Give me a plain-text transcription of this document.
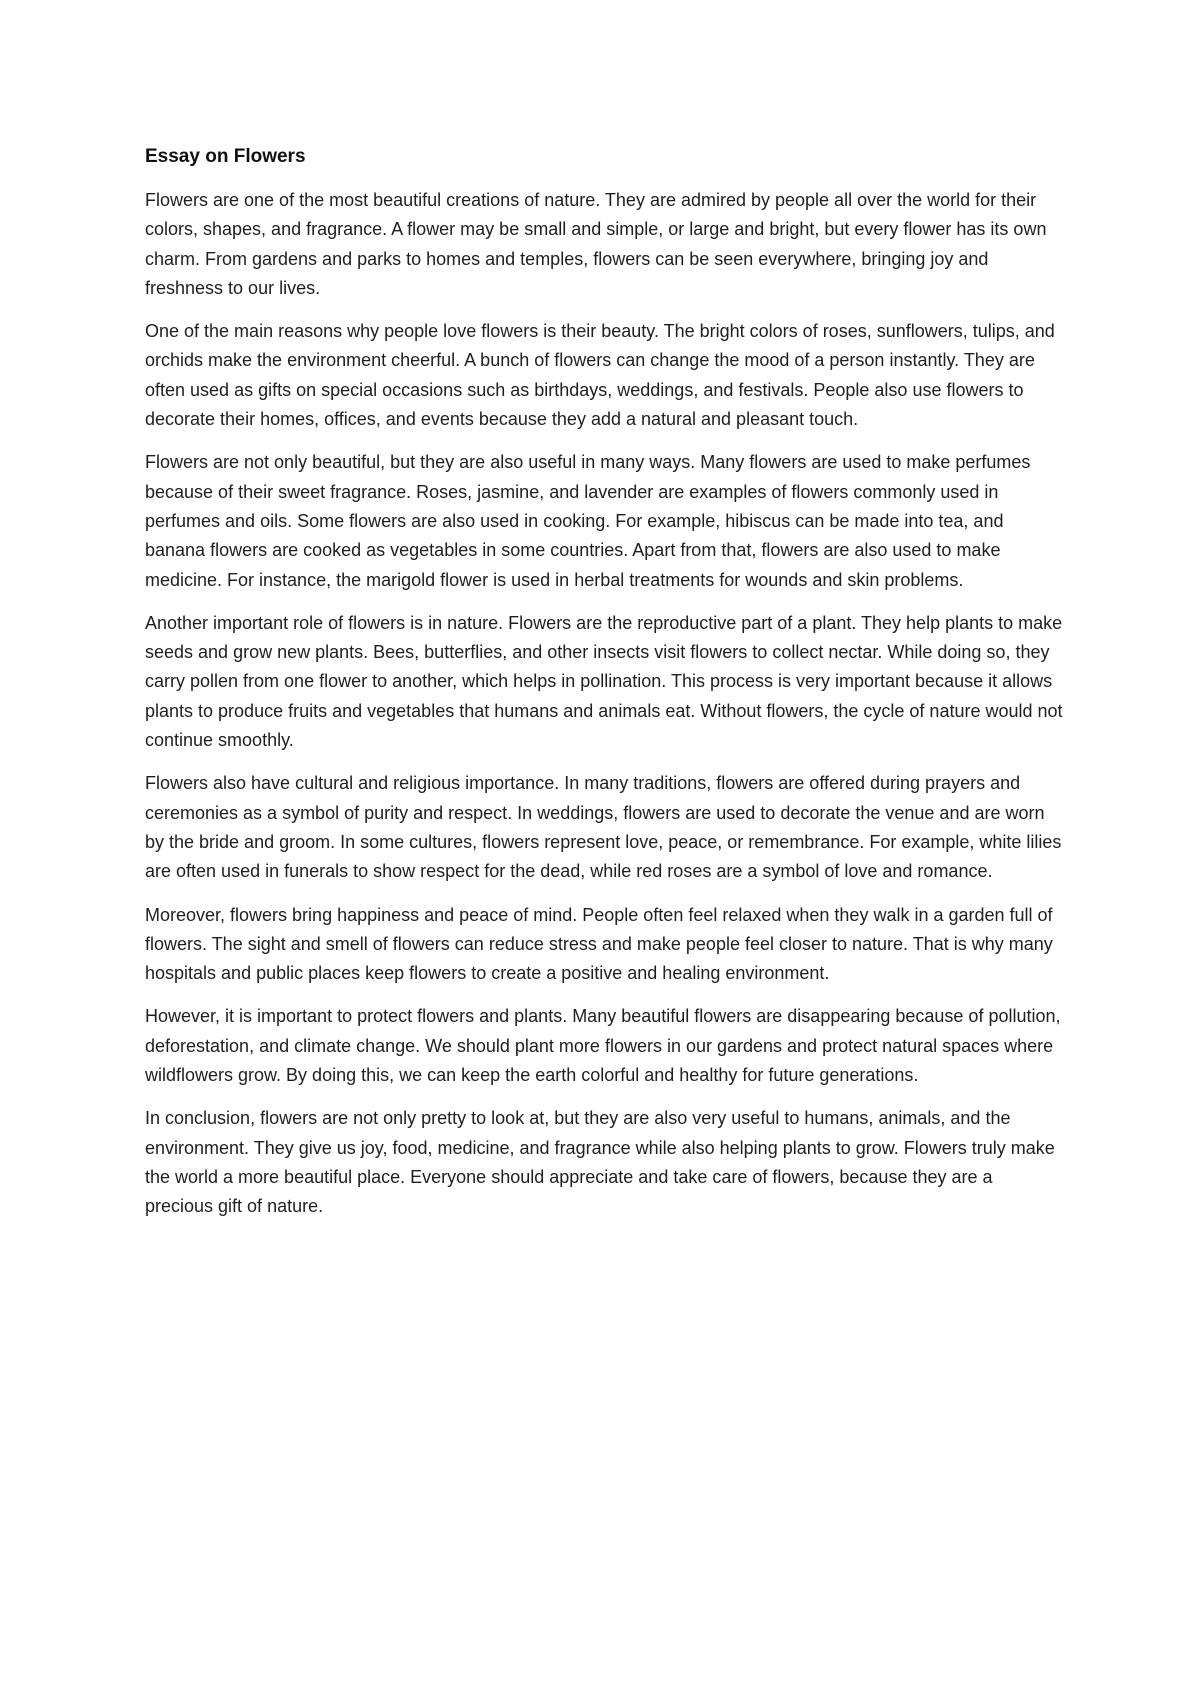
Essay on Flowers

Flowers are one of the most beautiful creations of nature. They are admired by people all over the world for their colors, shapes, and fragrance. A flower may be small and simple, or large and bright, but every flower has its own charm. From gardens and parks to homes and temples, flowers can be seen everywhere, bringing joy and freshness to our lives.

One of the main reasons why people love flowers is their beauty. The bright colors of roses, sunflowers, tulips, and orchids make the environment cheerful. A bunch of flowers can change the mood of a person instantly. They are often used as gifts on special occasions such as birthdays, weddings, and festivals. People also use flowers to decorate their homes, offices, and events because they add a natural and pleasant touch.

Flowers are not only beautiful, but they are also useful in many ways. Many flowers are used to make perfumes because of their sweet fragrance. Roses, jasmine, and lavender are examples of flowers commonly used in perfumes and oils. Some flowers are also used in cooking. For example, hibiscus can be made into tea, and banana flowers are cooked as vegetables in some countries. Apart from that, flowers are also used to make medicine. For instance, the marigold flower is used in herbal treatments for wounds and skin problems.

Another important role of flowers is in nature. Flowers are the reproductive part of a plant. They help plants to make seeds and grow new plants. Bees, butterflies, and other insects visit flowers to collect nectar. While doing so, they carry pollen from one flower to another, which helps in pollination. This process is very important because it allows plants to produce fruits and vegetables that humans and animals eat. Without flowers, the cycle of nature would not continue smoothly.

Flowers also have cultural and religious importance. In many traditions, flowers are offered during prayers and ceremonies as a symbol of purity and respect. In weddings, flowers are used to decorate the venue and are worn by the bride and groom. In some cultures, flowers represent love, peace, or remembrance. For example, white lilies are often used in funerals to show respect for the dead, while red roses are a symbol of love and romance.

Moreover, flowers bring happiness and peace of mind. People often feel relaxed when they walk in a garden full of flowers. The sight and smell of flowers can reduce stress and make people feel closer to nature. That is why many hospitals and public places keep flowers to create a positive and healing environment.

However, it is important to protect flowers and plants. Many beautiful flowers are disappearing because of pollution, deforestation, and climate change. We should plant more flowers in our gardens and protect natural spaces where wildflowers grow. By doing this, we can keep the earth colorful and healthy for future generations.

In conclusion, flowers are not only pretty to look at, but they are also very useful to humans, animals, and the environment. They give us joy, food, medicine, and fragrance while also helping plants to grow. Flowers truly make the world a more beautiful place. Everyone should appreciate and take care of flowers, because they are a precious gift of nature.
